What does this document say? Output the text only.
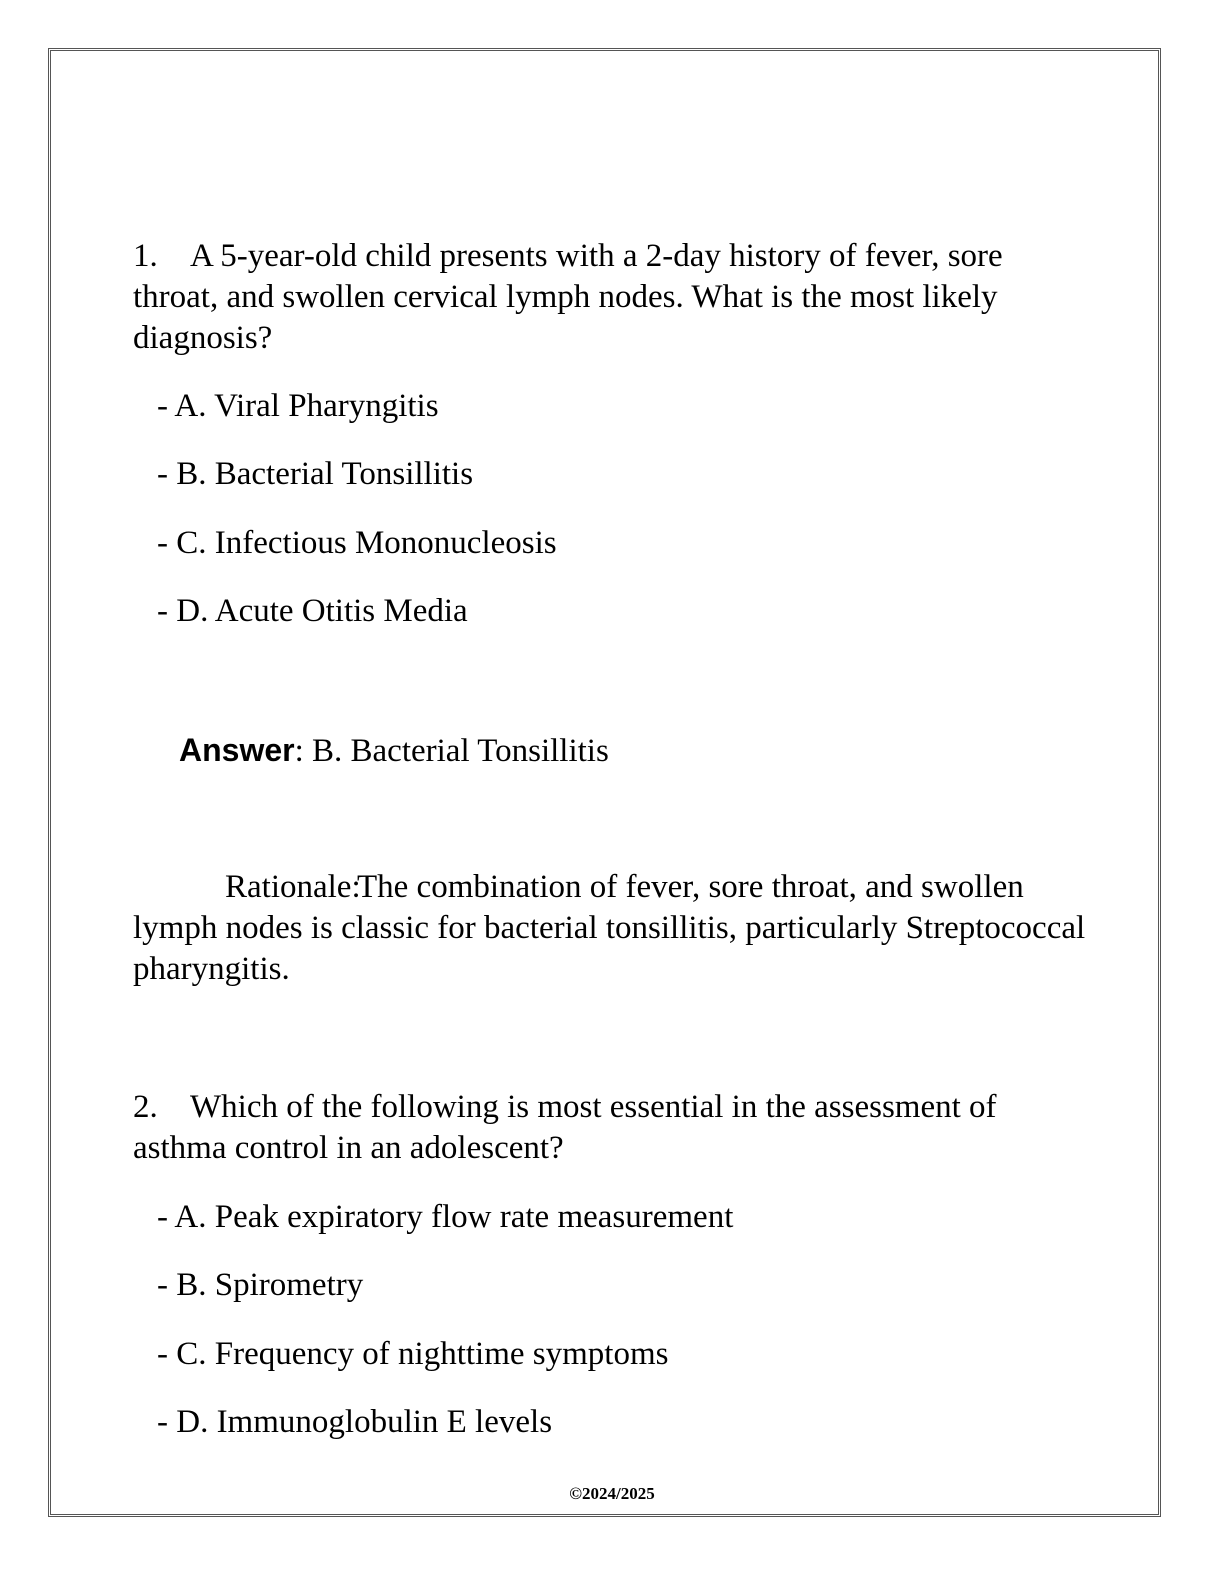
1. A 5-year-old child presents with a 2-day history of fever, sore throat, and swollen cervical lymph nodes. What is the most likely diagnosis?

- A. Viral Pharyngitis

- B. Bacterial Tonsillitis

- C. Infectious Mononucleosis

- D. Acute Otitis Media

Answer: B. Bacterial Tonsillitis

Rationale:The combination of fever, sore throat, and swollen lymph nodes is classic for bacterial tonsillitis, particularly Streptococcal pharyngitis.

2. Which of the following is most essential in the assessment of asthma control in an adolescent?

- A. Peak expiratory flow rate measurement

- B. Spirometry

- C. Frequency of nighttime symptoms

- D. Immunoglobulin E levels

©2024/2025
